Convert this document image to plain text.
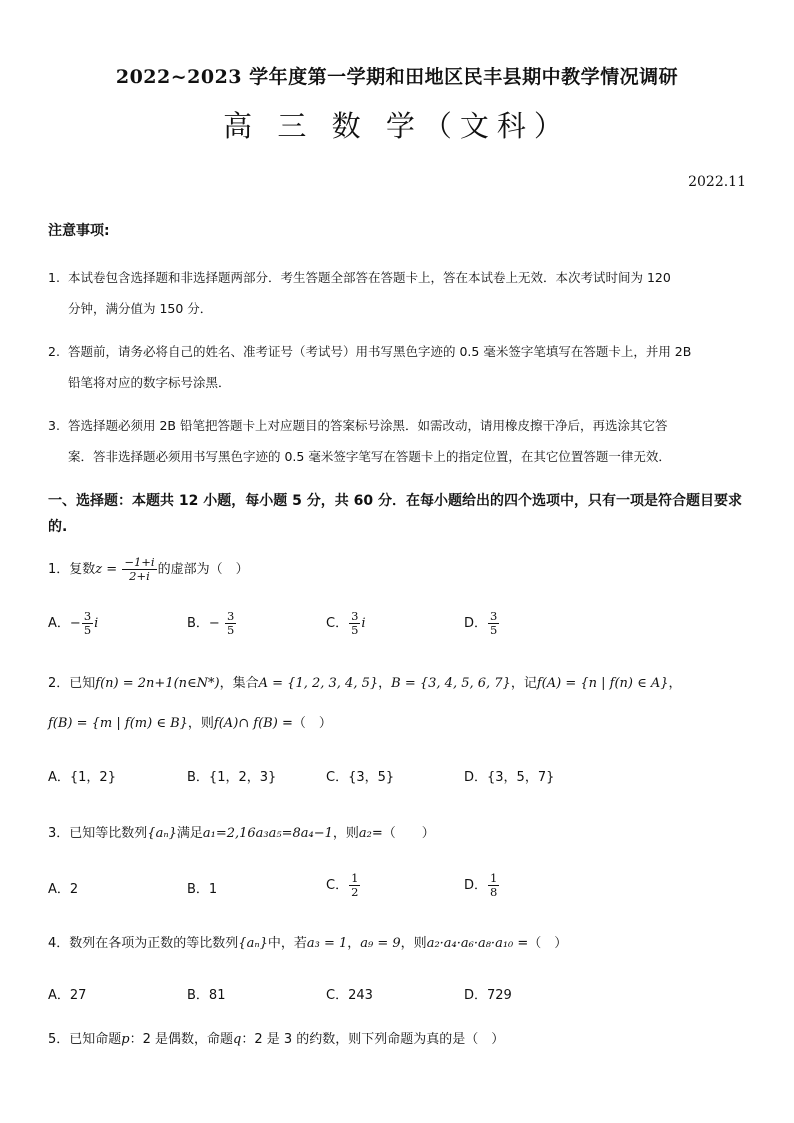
2022~2023 学年度第一学期和田地区民丰县期中教学情况调研
高 三 数 学（文科）
2022.11
注意事项:
1. 本试卷包含选择题和非选择题两部分．考生答题全部答在答题卡上，答在本试卷上无效．本次考试时间为 120
分钟，满分值为 150 分．
2. 答题前，请务必将自己的姓名、准考证号（考试号）用书写黑色字迹的 0.5 毫米签字笔填写在答题卡上，并用 2B
铅笔将对应的数字标号涂黑．
3. 答选择题必须用 2B 铅笔把答题卡上对应题目的答案标号涂黑．如需改动，请用橡皮擦干净后，再选涂其它答
案．答非选择题必须用书写黑色字迹的 0.5 毫米签字笔写在答题卡上的指定位置，在其它位置答题一律无效．
一、选择题：本题共 12 小题，每小题 5 分，共 60 分．在每小题给出的四个选项中，只有一项是符合题目要求
的.
1．复数$z = \frac{-1+i}{2+i}$ 的虚部为（　）
A．− $\frac{3}{5}$ i	B．− $\frac{3}{5}$	C． $\frac{3}{5}$ i	D． $\frac{3}{5}$
2．已知f(n) = 2n+1(n∈N*)，集合A = {1, 2, 3, 4, 5}，B = {3, 4, 5, 6, 7}，记f(A) = {n | f(n) ∈ A}，
f(B) = {m | f(m) ∈ B}，则f(A)∩ f(B) =（　）
A．{1，2}	B．{1，2，3}	C．{3，5}	D．{3，5，7}
3．已知等比数列{aₙ}满足a₁=2,16a₃a₅=8a₄−1，则a₂=（　　）
A．2	B．1	C． $\frac{1}{2}$	D． $\frac{1}{8}$
4．数列在各项为正数的等比数列{aₙ}中，若a₃ = 1，a₉ = 9，则a₂·a₄·a₆·a₈·a₁₀ =（　）
A．27	B．81	C．243	D．729
5．已知命题p：2 是偶数，命题q：2 是 3 的约数，则下列命题为真的是（　）
